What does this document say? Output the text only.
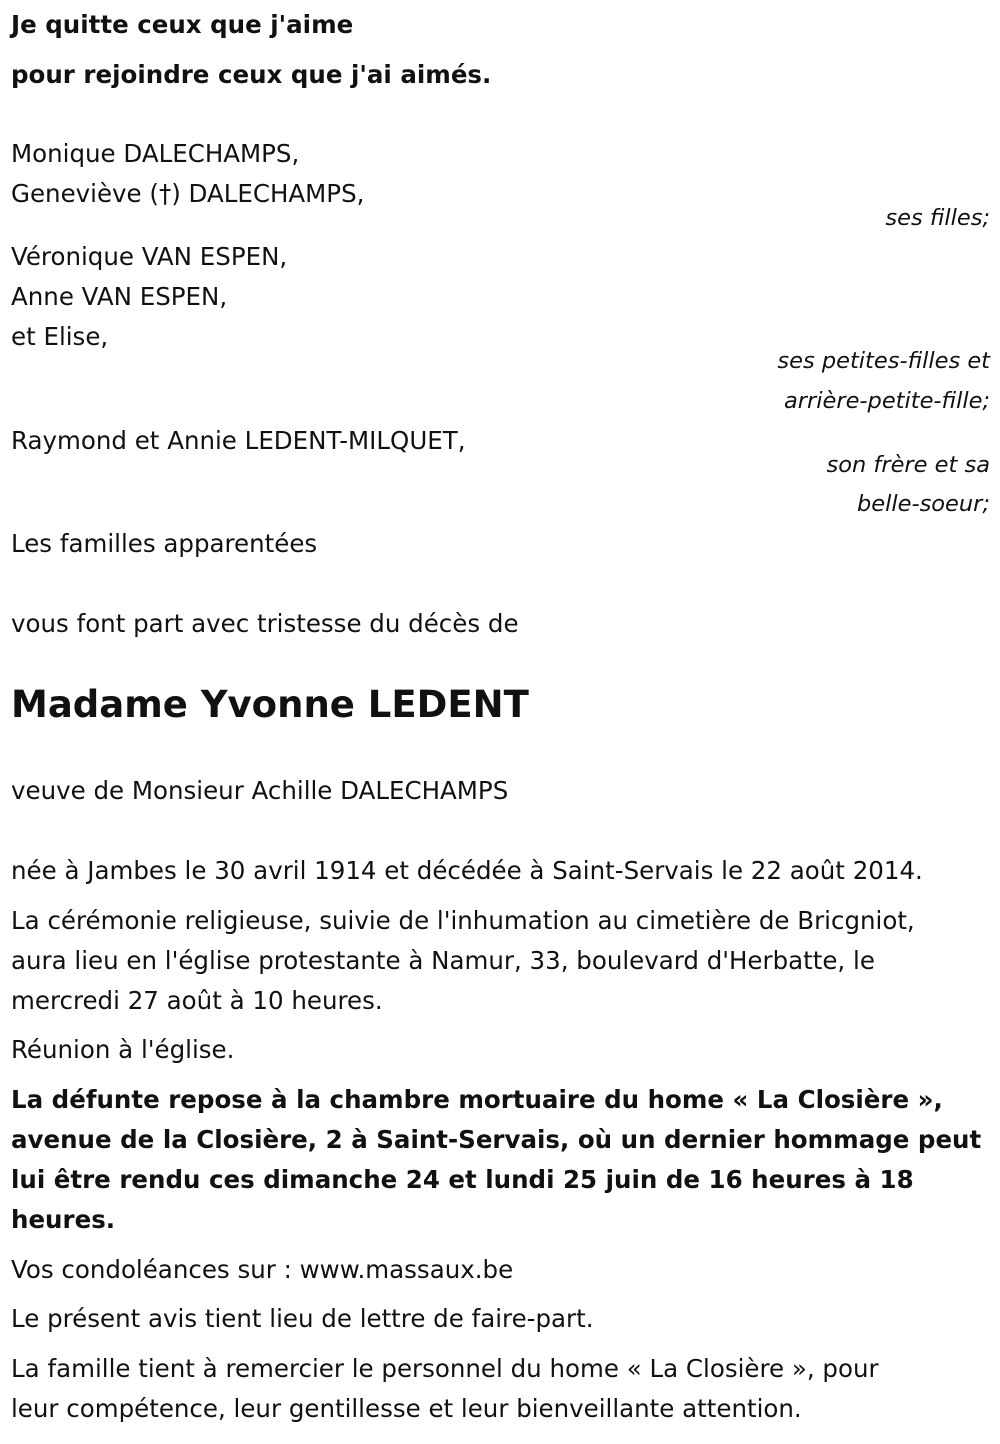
Je quitte ceux que j'aime
pour rejoindre ceux que j'ai aimés.
Monique DALECHAMPS,
Geneviève (†) DALECHAMPS,
ses filles;
Véronique VAN ESPEN,
Anne VAN ESPEN,
et Elise,
ses petites-filles et
arrière-petite-fille;
Raymond et Annie LEDENT-MILQUET,
son frère et sa
belle-soeur;
Les familles apparentées
vous font part avec tristesse du décès de
Madame Yvonne LEDENT
veuve de Monsieur Achille DALECHAMPS
née à Jambes le 30 avril 1914 et décédée à Saint-Servais le 22 août 2014.
La cérémonie religieuse, suivie de l'inhumation au cimetière de Bricgniot,
aura lieu en l'église protestante à Namur, 33, boulevard d'Herbatte, le
mercredi 27 août à 10 heures.
Réunion à l'église.
La défunte repose à la chambre mortuaire du home « La Closière »,
avenue de la Closière, 2 à Saint-Servais, où un dernier hommage peut
lui être rendu ces dimanche 24 et lundi 25 juin de 16 heures à 18
heures.
Vos condoléances sur : www.massaux.be
Le présent avis tient lieu de lettre de faire-part.
La famille tient à remercier le personnel du home « La Closière », pour
leur compétence, leur gentillesse et leur bienveillante attention.
